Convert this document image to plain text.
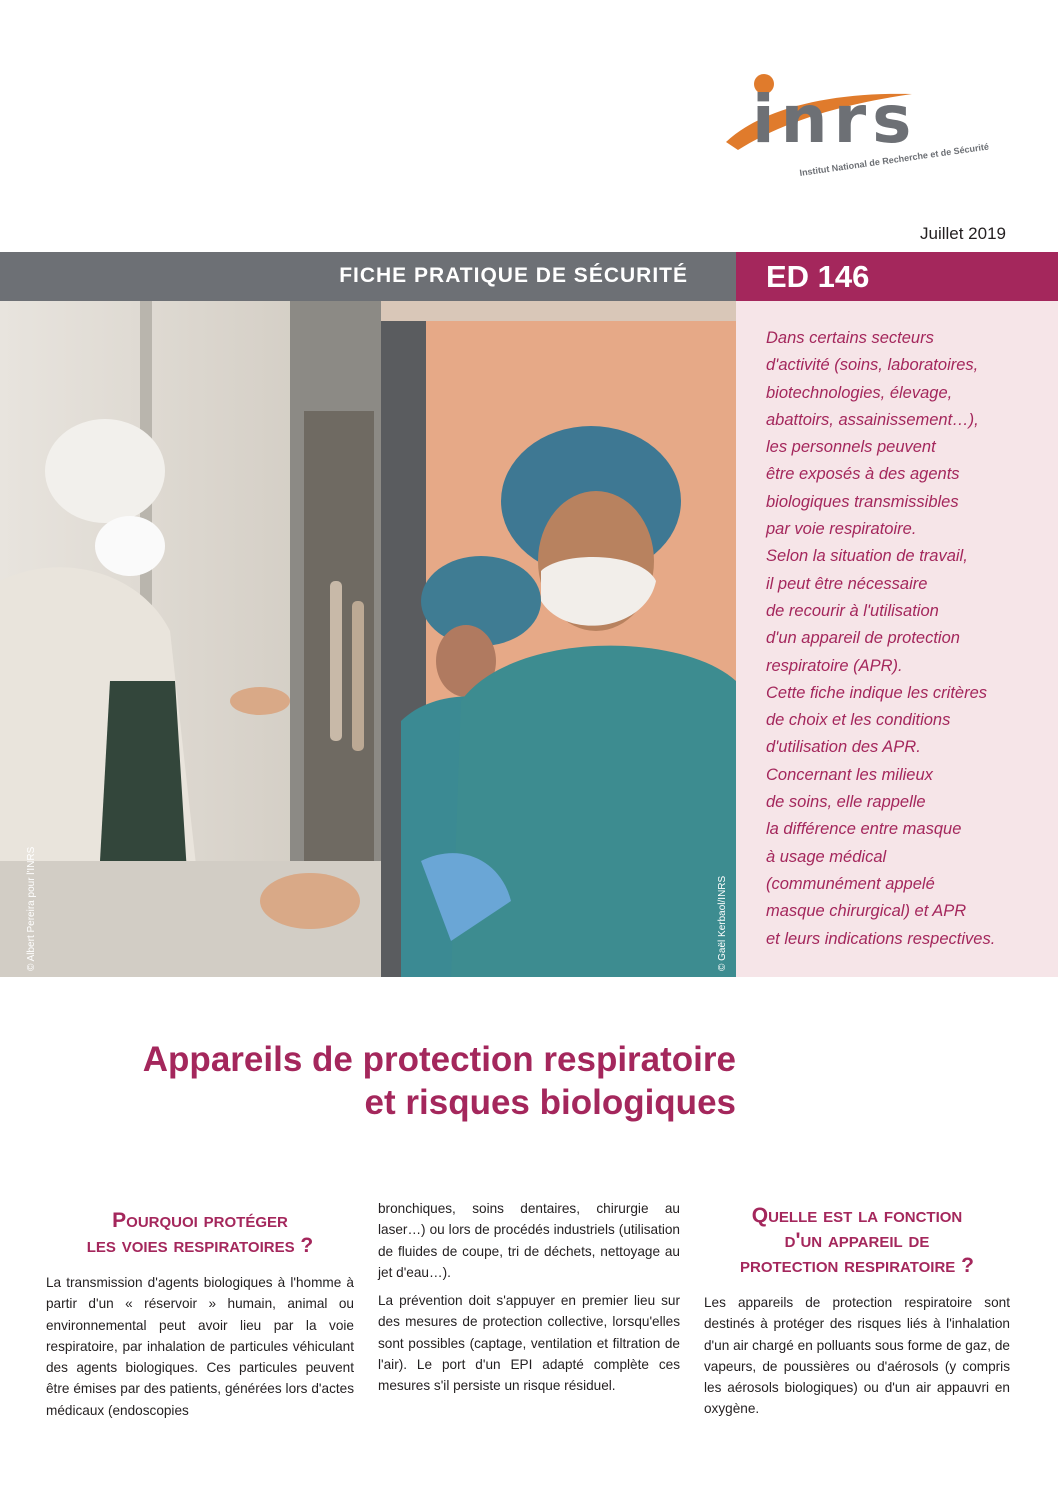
inrs
Institut National de Recherche et de Sécurité
Juillet 2019
FICHE PRATIQUE DE SÉCURITÉ	ED 146
© Albert Pereira pour l'INRS	© Gaël Kerbaol/INRS
Dans certains secteurs
d'activité (soins, laboratoires,
biotechnologies, élevage,
abattoirs, assainissement…),
les personnels peuvent
être exposés à des agents
biologiques transmissibles
par voie respiratoire.
Selon la situation de travail,
il peut être nécessaire
de recourir à l'utilisation
d'un appareil de protection
respiratoire (APR).
Cette fiche indique les critères
de choix et les conditions
d'utilisation des APR.
Concernant les milieux
de soins, elle rappelle
la différence entre masque
à usage médical
(communément appelé
masque chirurgical) et APR
et leurs indications respectives.
Appareils de protection respiratoire
et risques biologiques
Pourquoi protéger
les voies respiratoires ?

La transmission d'agents biologiques à l'homme à partir d'un « réservoir » humain, animal ou environnemental peut avoir lieu par la voie respiratoire, par inhalation de particules véhiculant des agents biologiques. Ces particules peuvent être émises par des patients, générées lors d'actes médicaux (endoscopies

bronchiques, soins dentaires, chirurgie au laser…) ou lors de procédés industriels (utilisation de fluides de coupe, tri de déchets, nettoyage au jet d'eau…).

La prévention doit s'appuyer en premier lieu sur des mesures de protection collective, lorsqu'elles sont possibles (captage, ventilation et filtration de l'air). Le port d'un EPI adapté complète ces mesures s'il persiste un risque résiduel.

Quelle est la fonction
d'un appareil de
protection respiratoire ?

Les appareils de protection respiratoire sont destinés à protéger des risques liés à l'inhalation d'un air chargé en polluants sous forme de gaz, de vapeurs, de poussières ou d'aérosols (y compris les aérosols biologiques) ou d'un air appauvri en oxygène.
